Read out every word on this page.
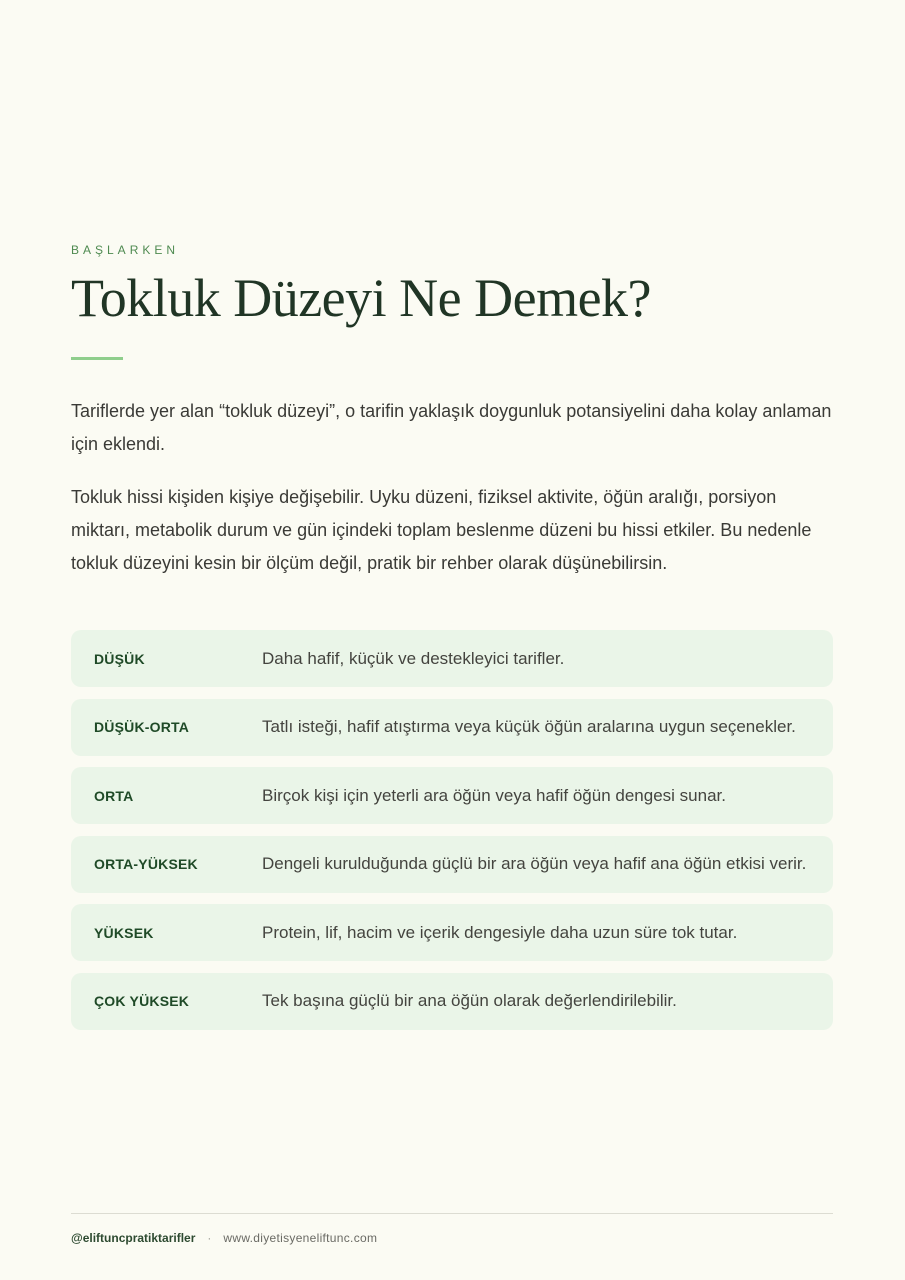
BAŞLARKEN
Tokluk Düzeyi Ne Demek?

Tariflerde yer alan “tokluk düzeyi”, o tarifin yaklaşık doygunluk potansiyelini daha kolay anlaman için eklendi.

Tokluk hissi kişiden kişiye değişebilir. Uyku düzeni, fiziksel aktivite, öğün aralığı, porsiyon miktarı, metabolik durum ve gün içindeki toplam beslenme düzeni bu hissi etkiler. Bu nedenle tokluk düzeyini kesin bir ölçüm değil, pratik bir rehber olarak düşünebilirsin.

DÜŞÜK	Daha hafif, küçük ve destekleyici tarifler.
DÜŞÜK-ORTA	Tatlı isteği, hafif atıştırma veya küçük öğün aralarına uygun seçenekler.
ORTA	Birçok kişi için yeterli ara öğün veya hafif öğün dengesi sunar.
ORTA-YÜKSEK	Dengeli kurulduğunda güçlü bir ara öğün veya hafif ana öğün etkisi verir.
YÜKSEK	Protein, lif, hacim ve içerik dengesiyle daha uzun süre tok tutar.
ÇOK YÜKSEK	Tek başına güçlü bir ana öğün olarak değerlendirilebilir.
@eliftuncpratiktarifler · www.diyetisyeneliftunc.com
